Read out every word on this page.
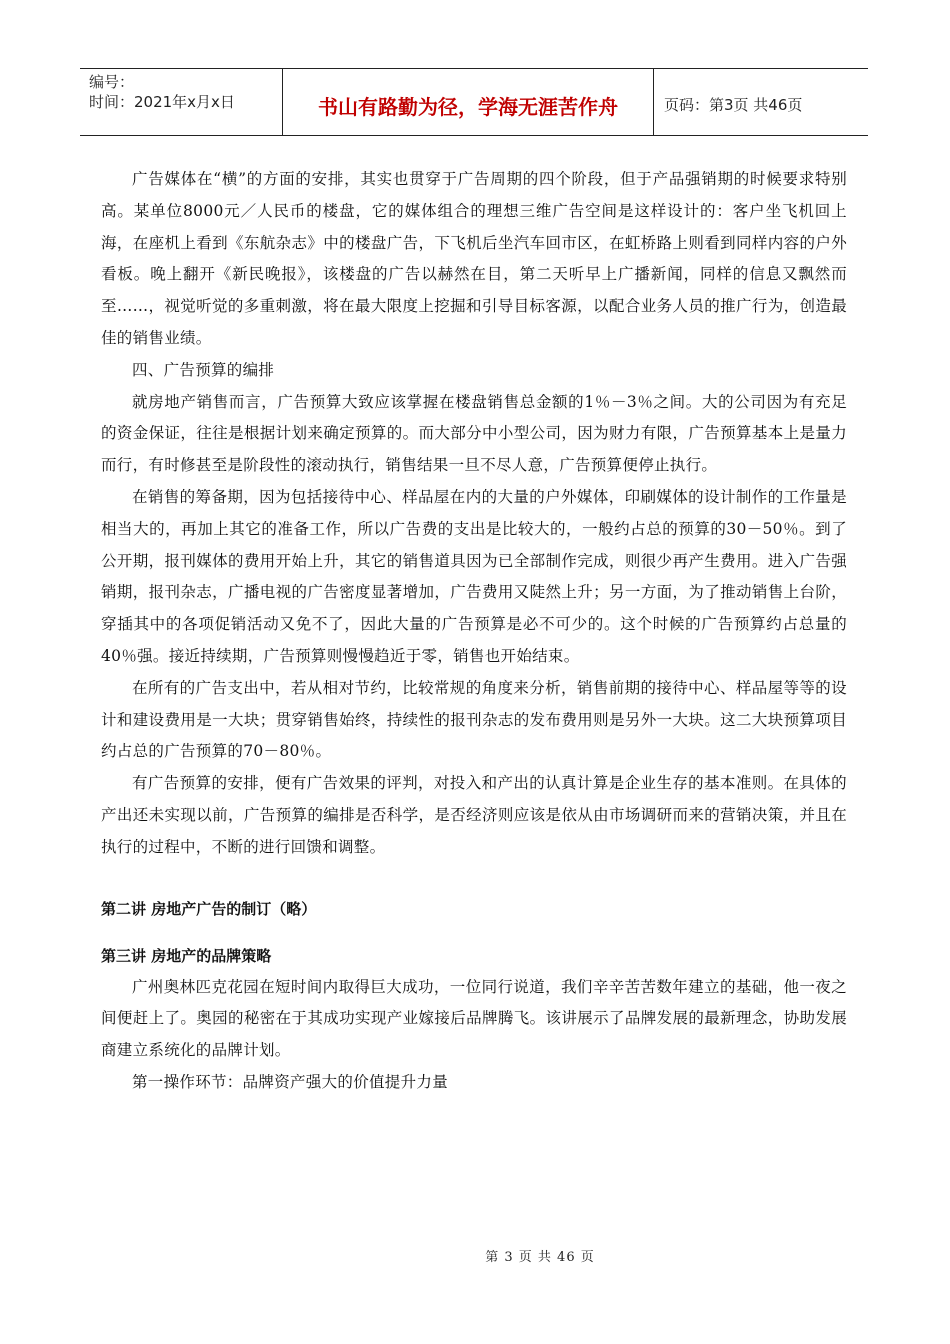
编号：
时间：2021年x月x日	书山有路勤为径，学海无涯苦作舟	页码：第3页 共46页

广告媒体在“横”的方面的安排，其实也贯穿于广告周期的四个阶段，但于产品强销期的时候要求特别高。某单位8000元／人民币的楼盘，它的媒体组合的理想三维广告空间是这样设计的：客户坐飞机回上海，在座机上看到《东航杂志》中的楼盘广告，下飞机后坐汽车回市区，在虹桥路上则看到同样内容的户外看板。晚上翻开《新民晚报》，该楼盘的广告以赫然在目，第二天听早上广播新闻，同样的信息又飘然而至……，视觉听觉的多重刺激，将在最大限度上挖掘和引导目标客源，以配合业务人员的推广行为，创造最佳的销售业绩。

四、广告预算的编排

就房地产销售而言，广告预算大致应该掌握在楼盘销售总金额的1％－3％之间。大的公司因为有充足的资金保证，往往是根据计划来确定预算的。而大部分中小型公司，因为财力有限，广告预算基本上是量力而行，有时修甚至是阶段性的滚动执行，销售结果一旦不尽人意，广告预算便停止执行。

在销售的筹备期，因为包括接待中心、样品屋在内的大量的户外媒体，印刷媒体的设计制作的工作量是相当大的，再加上其它的准备工作，所以广告费的支出是比较大的，一般约占总的预算的30－50％。到了公开期，报刊媒体的费用开始上升，其它的销售道具因为已全部制作完成，则很少再产生费用。进入广告强销期，报刊杂志，广播电视的广告密度显著增加，广告费用又陡然上升；另一方面，为了推动销售上台阶，穿插其中的各项促销活动又免不了，因此大量的广告预算是必不可少的。这个时候的广告预算约占总量的40％强。接近持续期，广告预算则慢慢趋近于零，销售也开始结束。

在所有的广告支出中，若从相对节约，比较常规的角度来分析，销售前期的接待中心、样品屋等等的设计和建设费用是一大块；贯穿销售始终，持续性的报刊杂志的发布费用则是另外一大块。这二大块预算项目约占总的广告预算的70－80％。

有广告预算的安排，便有广告效果的评判，对投入和产出的认真计算是企业生存的基本准则。在具体的产出还未实现以前，广告预算的编排是否科学，是否经济则应该是依从由市场调研而来的营销决策，并且在执行的过程中，不断的进行回馈和调整。

第二讲 房地产广告的制订（略）

第三讲 房地产的品牌策略

广州奥林匹克花园在短时间内取得巨大成功，一位同行说道，我们辛辛苦苦数年建立的基础，他一夜之间便赶上了。奥园的秘密在于其成功实现产业嫁接后品牌腾飞。该讲展示了品牌发展的最新理念，协助发展商建立系统化的品牌计划。

第一操作环节：品牌资产强大的价值提升力量

第 3 页 共 46 页
